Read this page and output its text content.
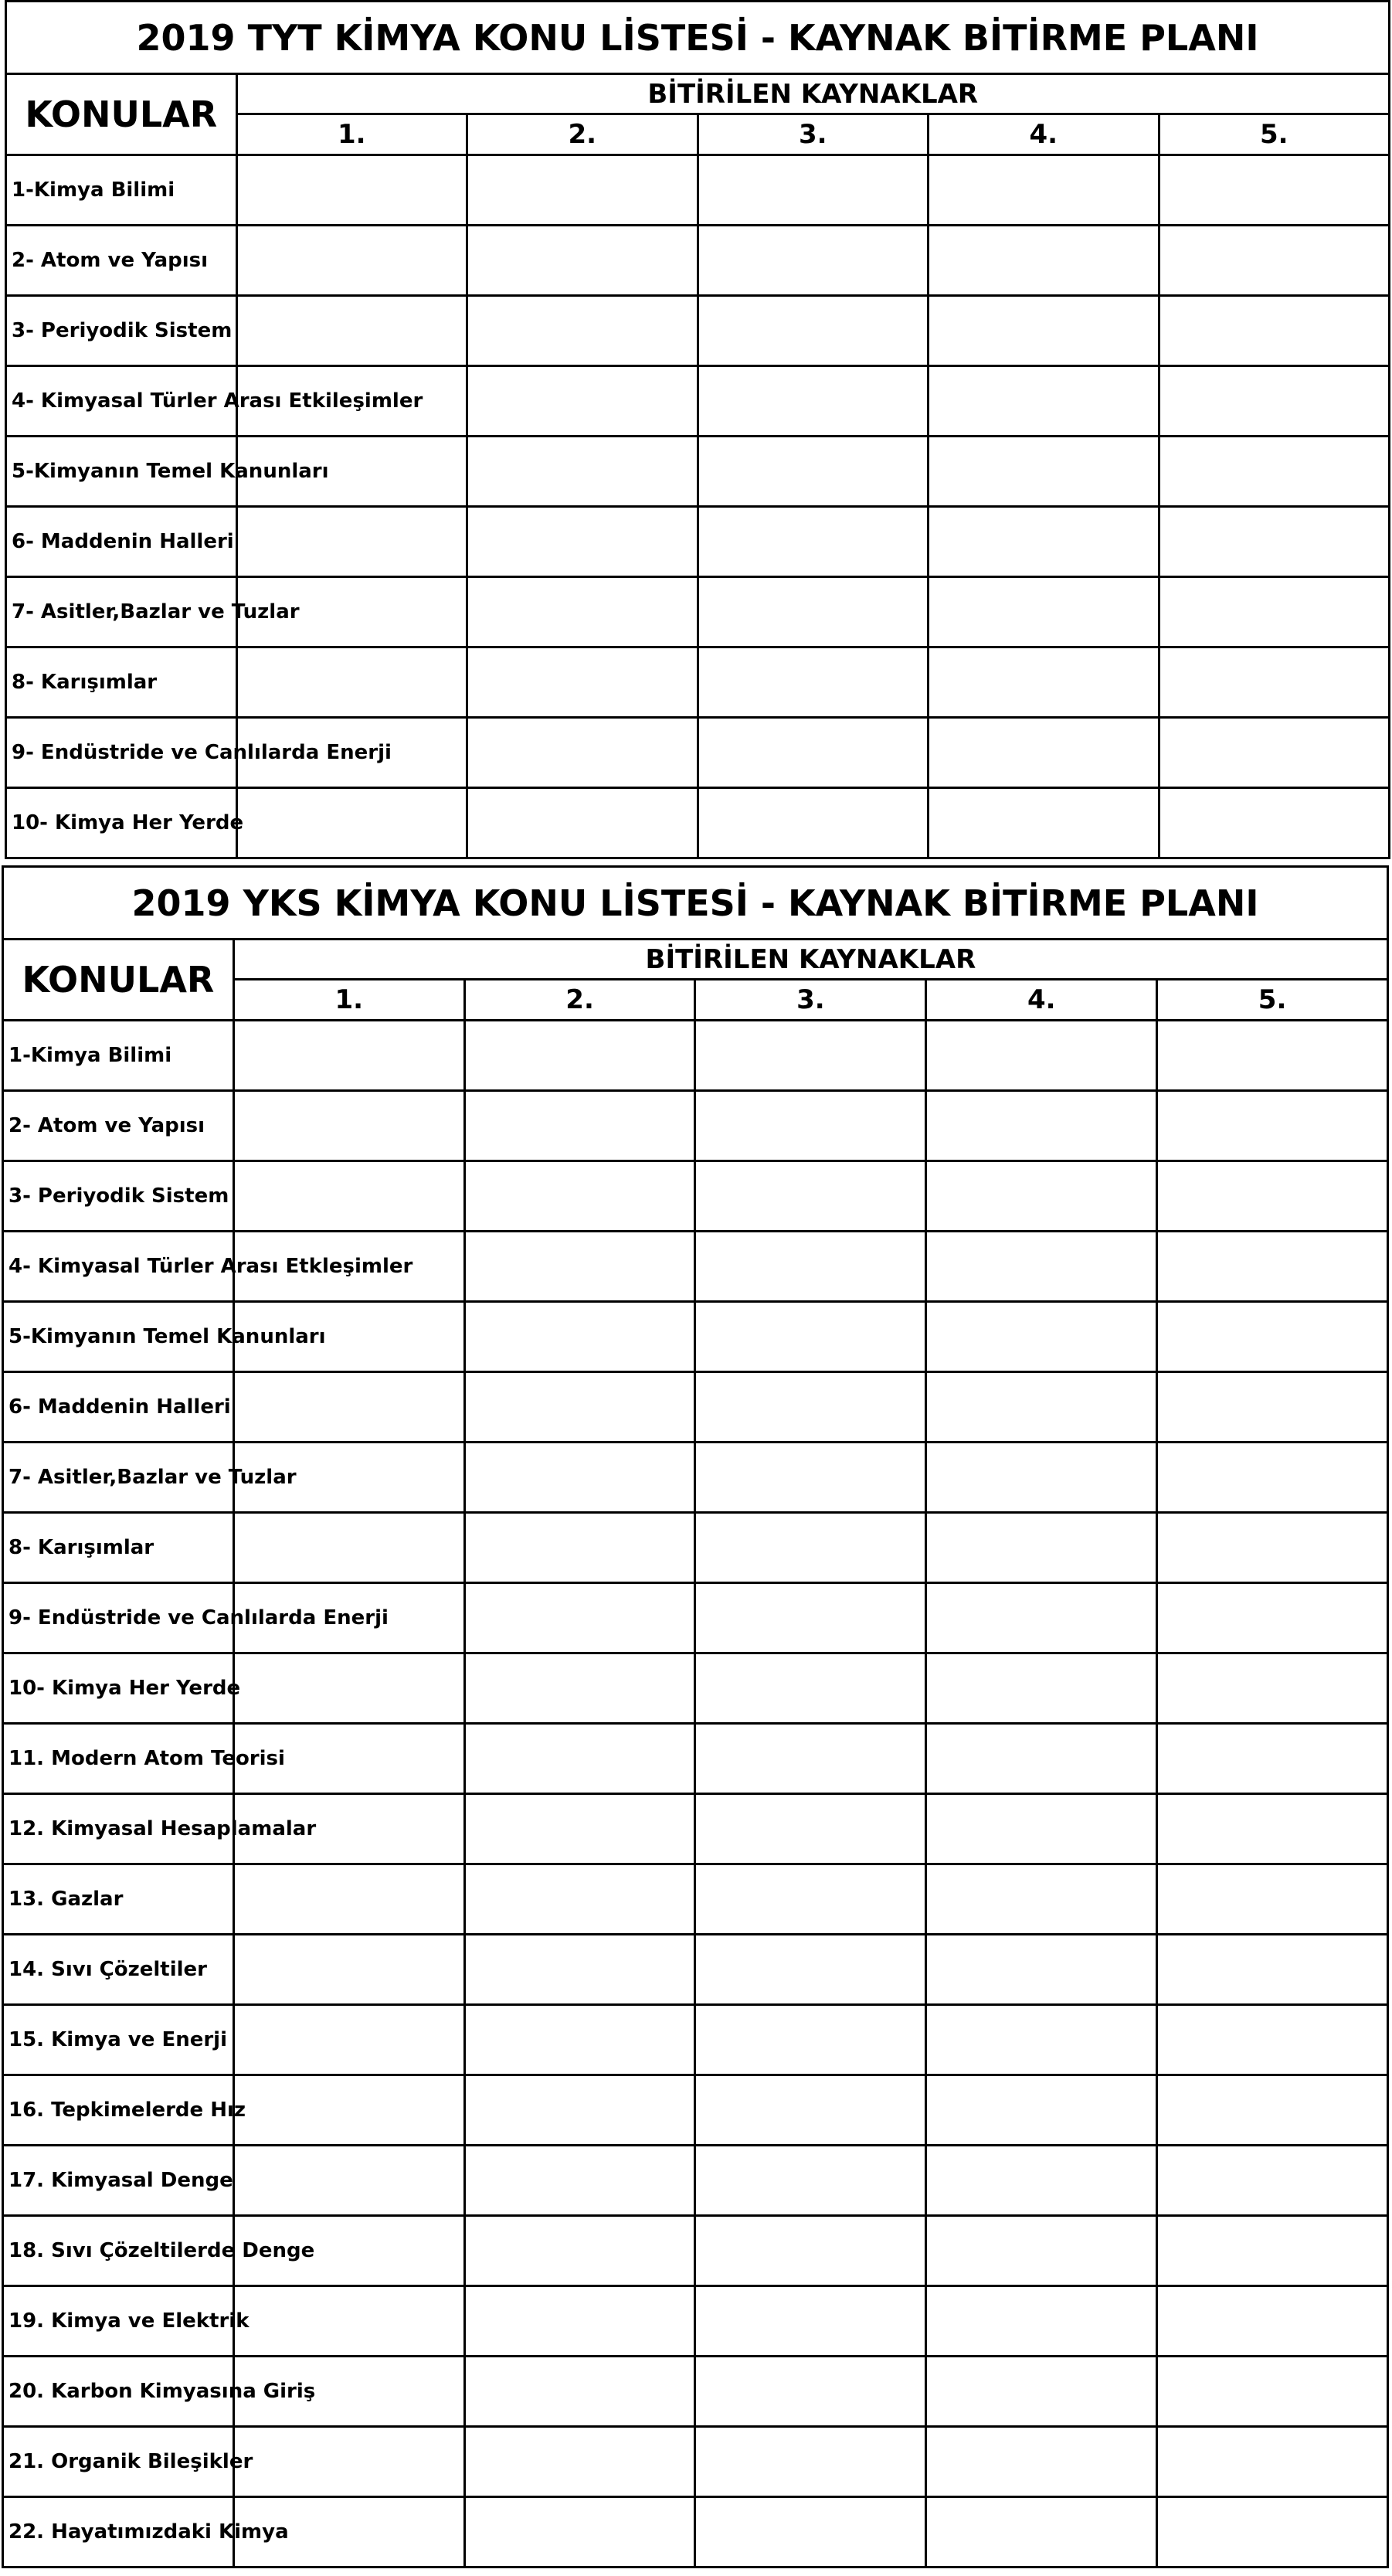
2019 TYT KİMYA KONU LİSTESİ - KAYNAK BİTİRME PLANI					
KONULAR	BİTİRİLEN KAYNAKLAR				
	1.	2.	3.	4.	5.
1-Kimya Bilimi					
2- Atom ve Yapısı					
3- Periyodik Sistem					
4- Kimyasal Türler Arası Etkileşimler					
5-Kimyanın Temel Kanunları					
6- Maddenin Halleri					
7- Asitler,Bazlar ve Tuzlar					
8- Karışımlar					
9- Endüstride ve Canlılarda Enerji					
10- Kimya Her Yerde					
2019 YKS KİMYA KONU LİSTESİ - KAYNAK BİTİRME PLANI					
KONULAR	BİTİRİLEN KAYNAKLAR				
	1.	2.	3.	4.	5.
1-Kimya Bilimi					
2- Atom ve Yapısı					
3- Periyodik Sistem					
4- Kimyasal Türler Arası Etkleşimler					
5-Kimyanın Temel Kanunları					
6- Maddenin Halleri					
7- Asitler,Bazlar ve Tuzlar					
8- Karışımlar					
9- Endüstride ve Canlılarda Enerji					
10- Kimya Her Yerde					
11. Modern Atom Teorisi					
12. Kimyasal Hesaplamalar					
13. Gazlar					
14. Sıvı Çözeltiler					
15. Kimya ve Enerji					
16. Tepkimelerde Hız					
17. Kimyasal Denge					
18. Sıvı Çözeltilerde Denge					
19. Kimya ve Elektrik					
20. Karbon Kimyasına Giriş					
21. Organik Bileşikler					
22. Hayatımızdaki Kimya					
